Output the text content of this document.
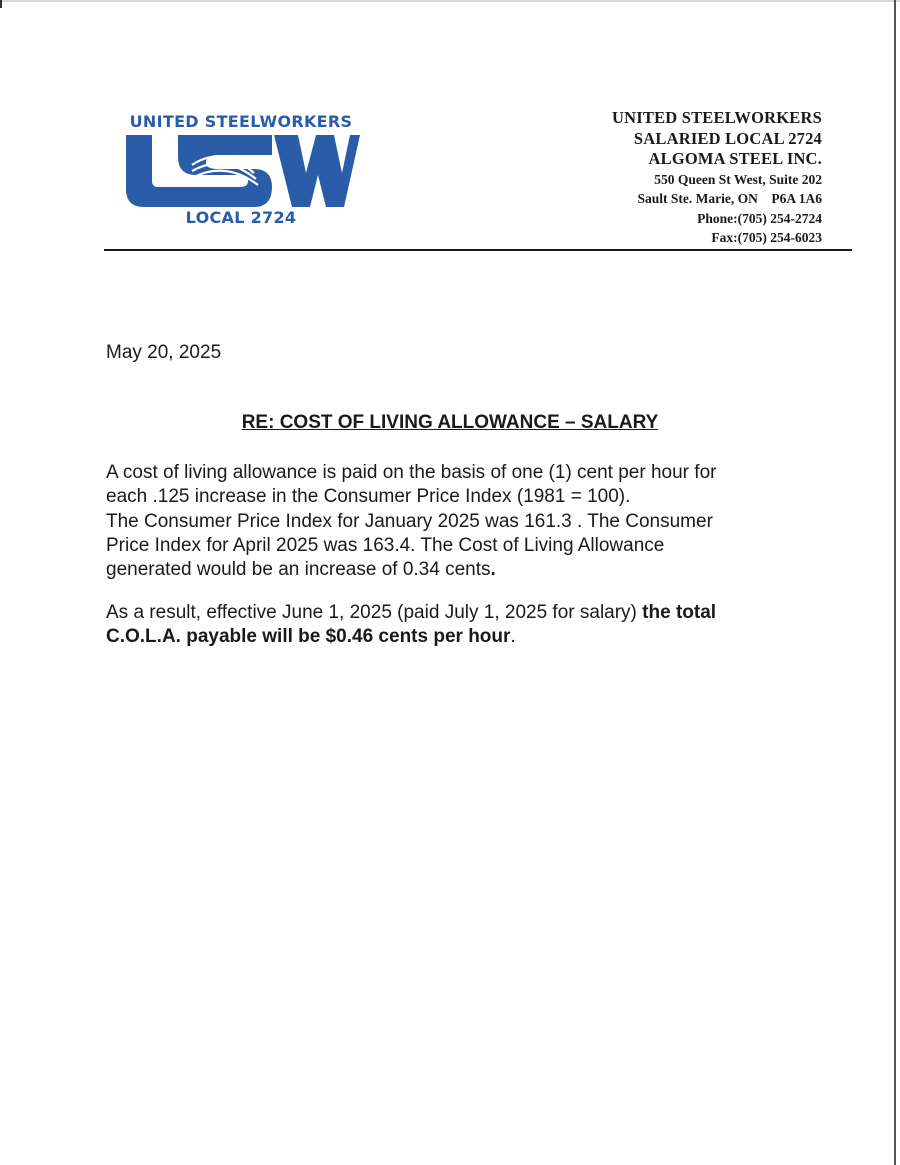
UNITED STEELWORKERS
LOCAL 2724
UNITED STEELWORKERS
SALARIED LOCAL 2724
ALGOMA STEEL INC.
550 Queen St West, Suite 202
Sault Ste. Marie, ON    P6A 1A6
Phone:(705) 254-2724
Fax:(705) 254-6023
May 20, 2025
RE: COST OF LIVING ALLOWANCE – SALARY
A cost of living allowance is paid on the basis of one (1) cent per hour for
each .125 increase in the Consumer Price Index (1981 = 100).
The Consumer Price Index for January 2025 was 161.3 . The Consumer
Price Index for April 2025 was 163.4. The Cost of Living Allowance
generated would be an increase of 0.34 cents.
As a result, effective June 1, 2025 (paid July 1, 2025 for salary) the total
C.O.L.A. payable will be $0.46 cents per hour.
